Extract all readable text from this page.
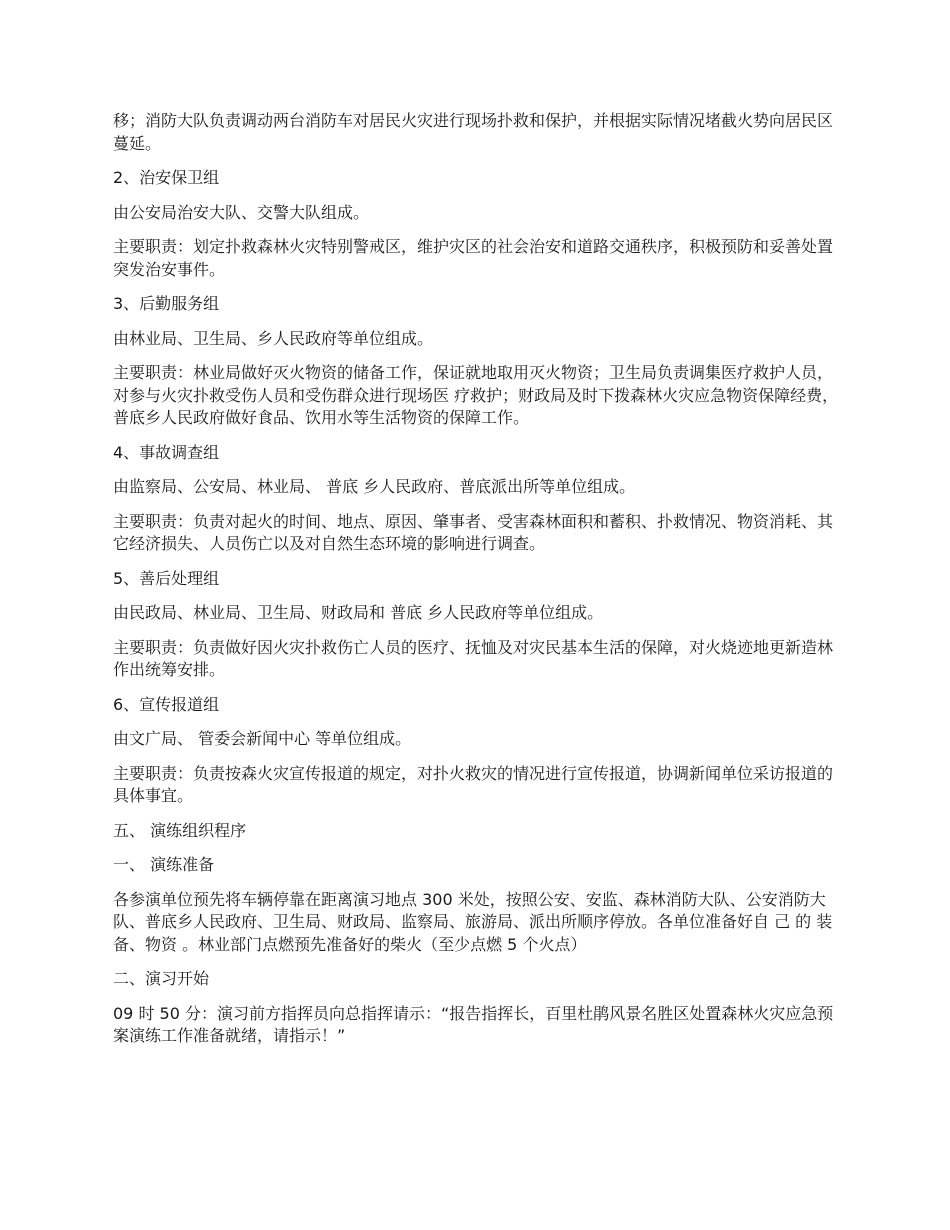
移；消防大队负责调动两台消防车对居民火灾进行现场扑救和保护，并根据实际情况堵截火势向居民区蔓延。

2、治安保卫组

由公安局治安大队、交警大队组成。

主要职责：划定扑救森林火灾特别警戒区，维护灾区的社会治安和道路交通秩序，积极预防和妥善处置突发治安事件。

3、后勤服务组

由林业局、卫生局、乡人民政府等单位组成。

主要职责：林业局做好灭火物资的储备工作，保证就地取用灭火物资；卫生局负责调集医疗救护人员，对参与火灾扑救受伤人员和受伤群众进行现场医 疗救护；财政局及时下拨森林火灾应急物资保障经费，普底乡人民政府做好食品、饮用水等生活物资的保障工作。

4、事故调查组

由监察局、公安局、林业局、 普底 乡人民政府、普底派出所等单位组成。

主要职责：负责对起火的时间、地点、原因、肇事者、受害森林面积和蓄积、扑救情况、物资消耗、其它经济损失、人员伤亡以及对自然生态环境的影响进行调查。

5、善后处理组

由民政局、林业局、卫生局、财政局和 普底 乡人民政府等单位组成。

主要职责：负责做好因火灾扑救伤亡人员的医疗、抚恤及对灾民基本生活的保障，对火烧迹地更新造林作出统筹安排。

6、宣传报道组

由文广局、 管委会新闻中心 等单位组成。

主要职责：负责按森火灾宣传报道的规定，对扑火救灾的情况进行宣传报道，协调新闻单位采访报道的具体事宜。

五、 演练组织程序

一、 演练准备

各参演单位预先将车辆停靠在距离演习地点 300 米处，按照公安、安监、森林消防大队、公安消防大队、普底乡人民政府、卫生局、财政局、监察局、旅游局、派出所顺序停放。各单位准备好自 己 的 装备、物资 。林业部门点燃预先准备好的柴火（至少点燃 5 个火点）

二、演习开始

09 时 50 分：演习前方指挥员向总指挥请示：“报告指挥长，百里杜鹃风景名胜区处置森林火灾应急预案演练工作准备就绪，请指示！”
